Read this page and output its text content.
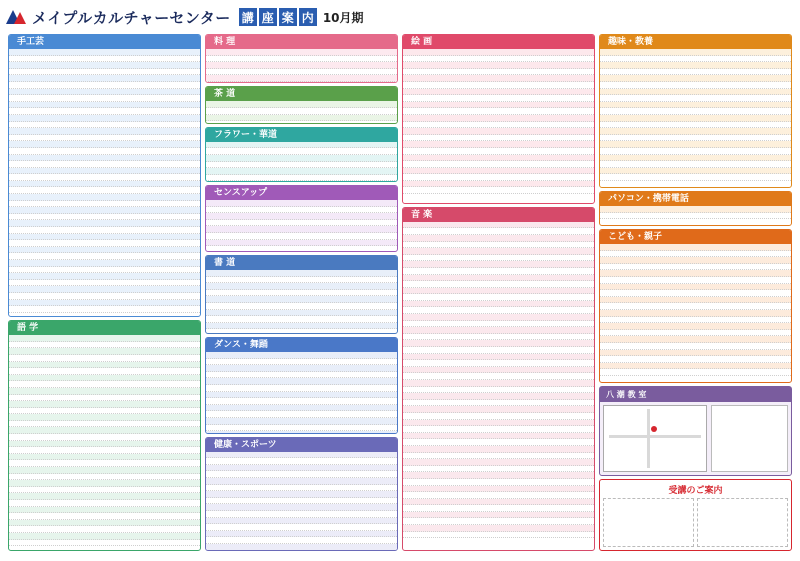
メイプルカルチャーセンター 講 座 案 内 10月期
手工芸
語 学
料 理
茶 道
フラワー・華道
センスアップ
書 道
ダンス・舞踊
健康・スポーツ
絵 画
音 楽
趣味・教養
パソコン・携帯電話
こども・親子
八 潮 教 室
受講のご案内
